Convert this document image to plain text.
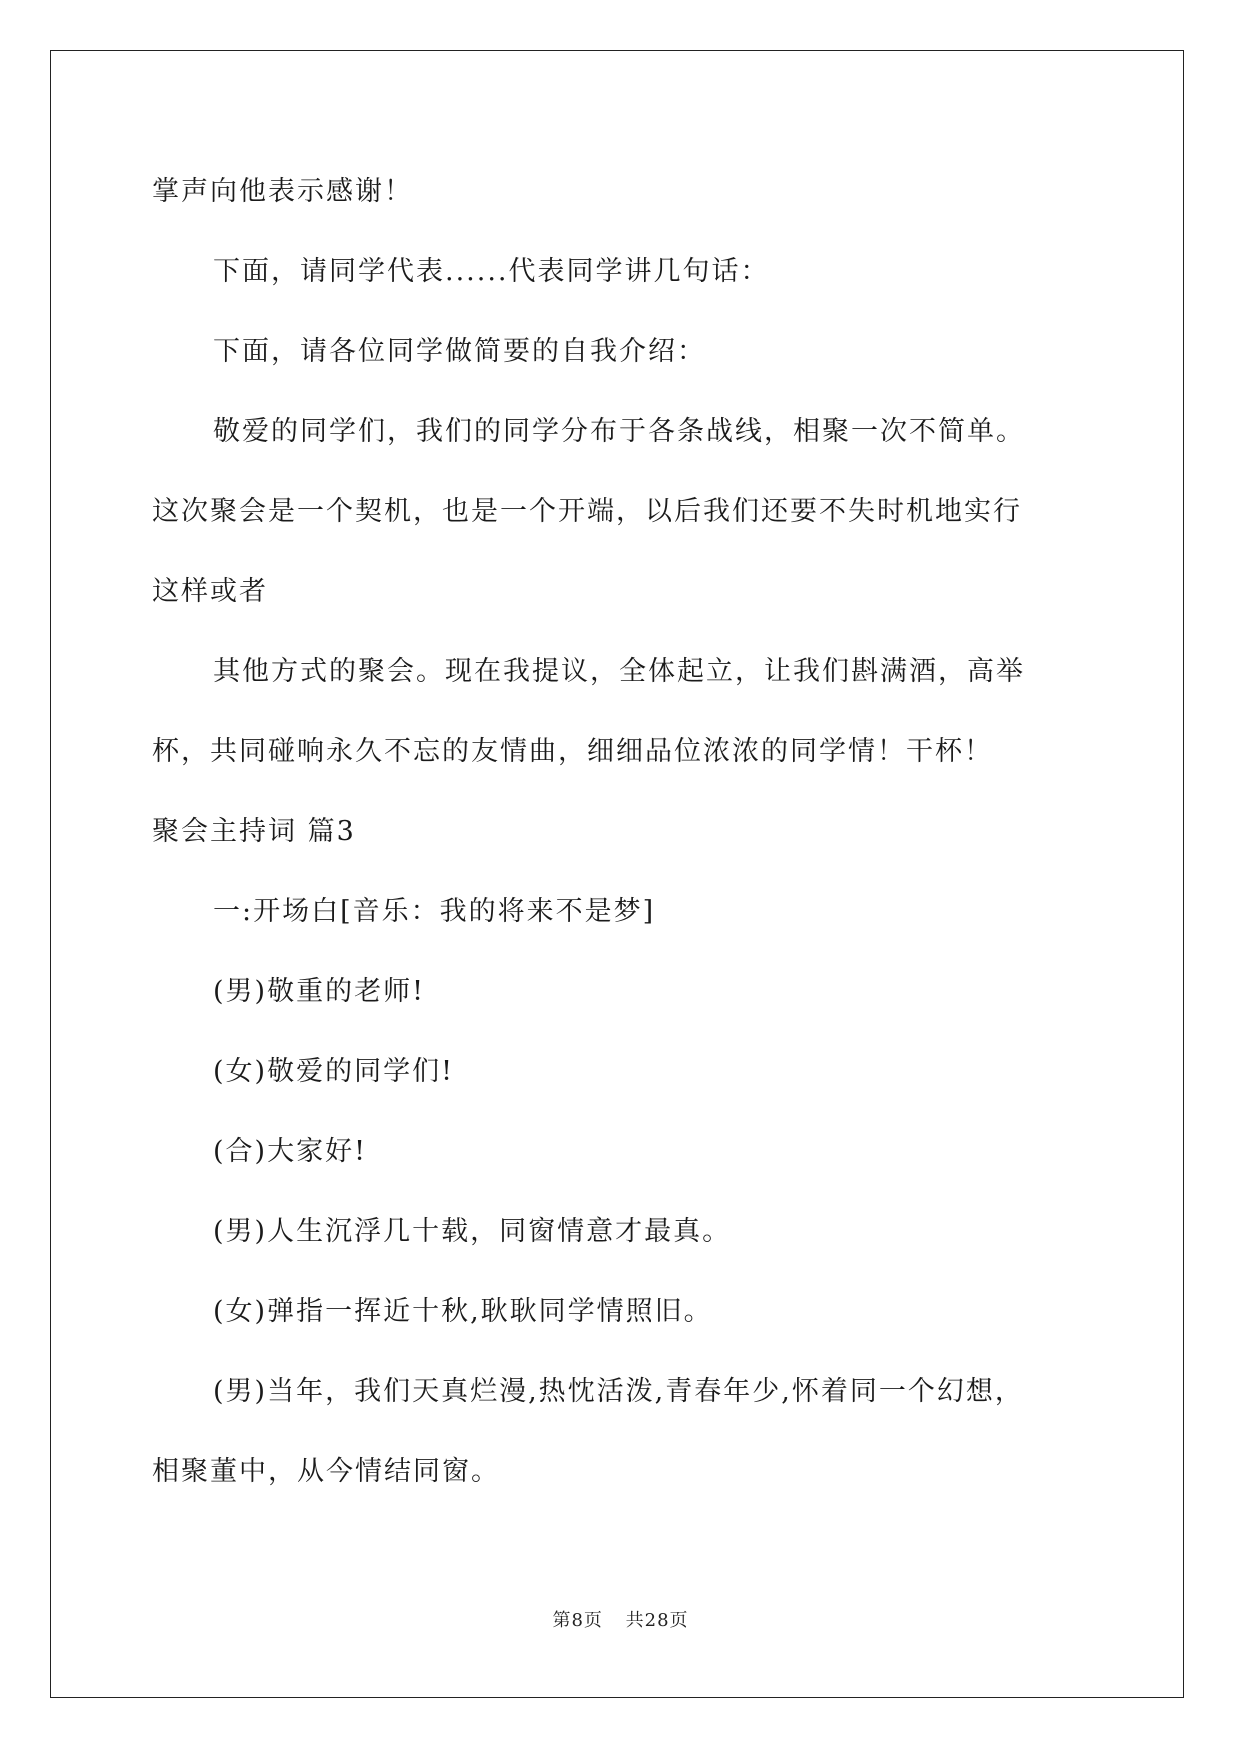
掌声向他表示感谢！
下面，请同学代表......代表同学讲几句话：
下面，请各位同学做简要的自我介绍：
敬爱的同学们，我们的同学分布于各条战线，相聚一次不简单。
这次聚会是一个契机，也是一个开端，以后我们还要不失时机地实行
这样或者
其他方式的聚会。现在我提议，全体起立，让我们斟满酒，高举
杯，共同碰响永久不忘的友情曲，细细品位浓浓的同学情！干杯！
聚会主持词 篇3
一:开场白[音乐：我的将来不是梦]
(男)敬重的老师!
(女)敬爱的同学们!
(合)大家好!
(男)人生沉浮几十载，同窗情意才最真。
(女)弹指一挥近十秋,耿耿同学情照旧。
(男)当年，我们天真烂漫,热忱活泼,青春年少,怀着同一个幻想，
相聚董中，从今情结同窗。
第8页 共28页
